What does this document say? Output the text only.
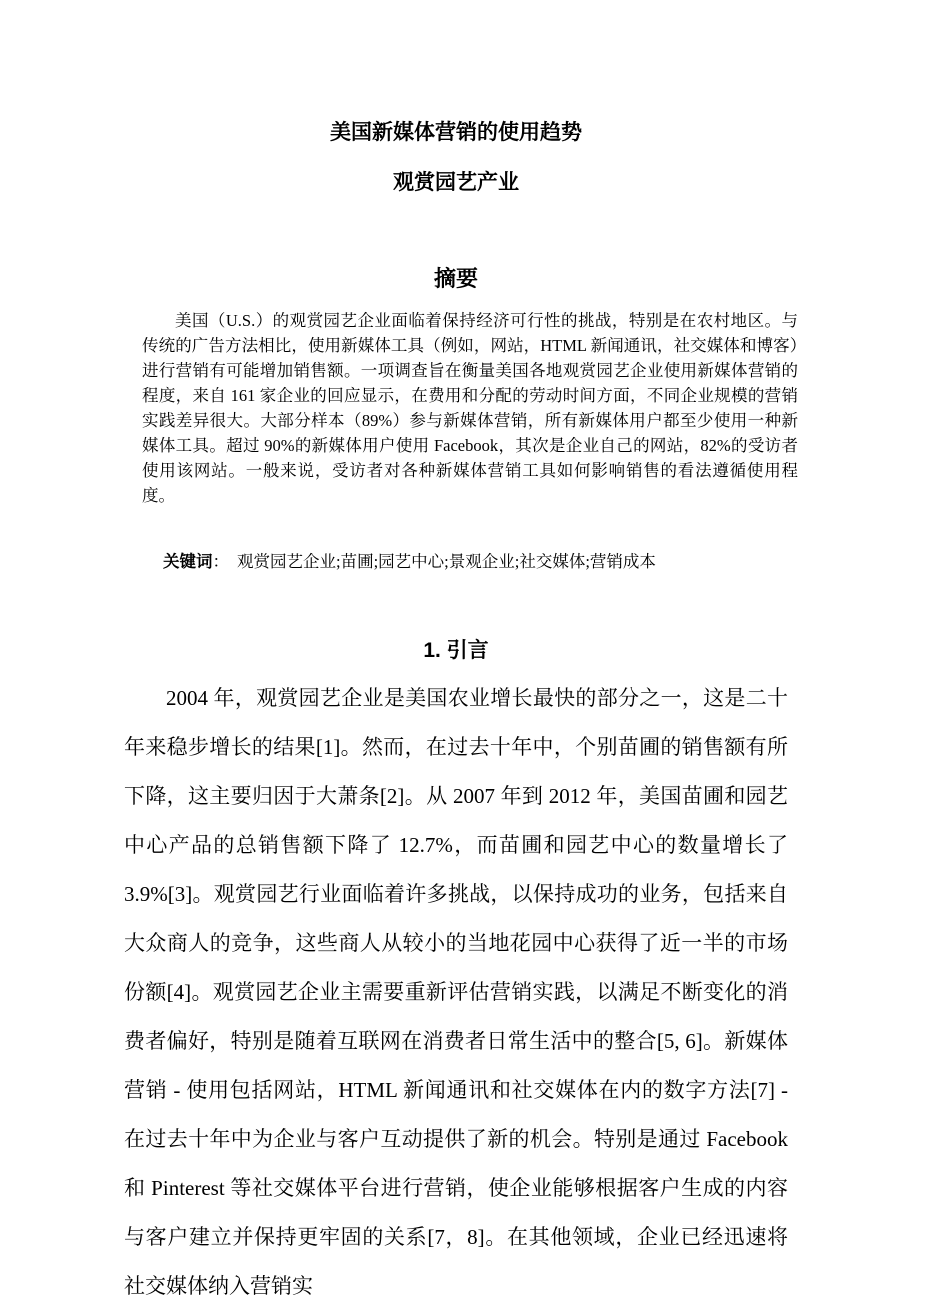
美国新媒体营销的使用趋势
观赏园艺产业
摘要

美国（U.S.）的观赏园艺企业面临着保持经济可行性的挑战，特别是在农村地区。与传统的广告方法相比，使用新媒体工具（例如，网站，HTML 新闻通讯，社交媒体和博客）进行营销有可能增加销售额。一项调查旨在衡量美国各地观赏园艺企业使用新媒体营销的程度，来自 161 家企业的回应显示，在费用和分配的劳动时间方面，不同企业规模的营销实践差异很大。大部分样本（89%）参与新媒体营销，所有新媒体用户都至少使用一种新媒体工具。超过 90%的新媒体用户使用 Facebook，其次是企业自己的网站，82%的受访者使用该网站。一般来说，受访者对各种新媒体营销工具如何影响销售的看法遵循使用程度。

关键词： 观赏园艺企业;苗圃;园艺中心;景观企业;社交媒体;营销成本

1. 引言

2004 年，观赏园艺企业是美国农业增长最快的部分之一，这是二十年来稳步增长的结果[1]。然而，在过去十年中，个别苗圃的销售额有所下降，这主要归因于大萧条[2]。从 2007 年到 2012 年，美国苗圃和园艺中心产品的总销售额下降了 12.7%，而苗圃和园艺中心的数量增长了 3.9%[3]。观赏园艺行业面临着许多挑战，以保持成功的业务，包括来自大众商人的竞争，这些商人从较小的当地花园中心获得了近一半的市场份额[4]。观赏园艺企业主需要重新评估营销实践，以满足不断变化的消费者偏好，特别是随着互联网在消费者日常生活中的整合[5, 6]。新媒体营销 - 使用包括网站，HTML 新闻通讯和社交媒体在内的数字方法[7] - 在过去十年中为企业与客户互动提供了新的机会。特别是通过 Facebook 和 Pinterest 等社交媒体平台进行营销，使企业能够根据客户生成的内容与客户建立并保持更牢固的关系[7，8]。在其他领域，企业已经迅速将社交媒体纳入营销实
